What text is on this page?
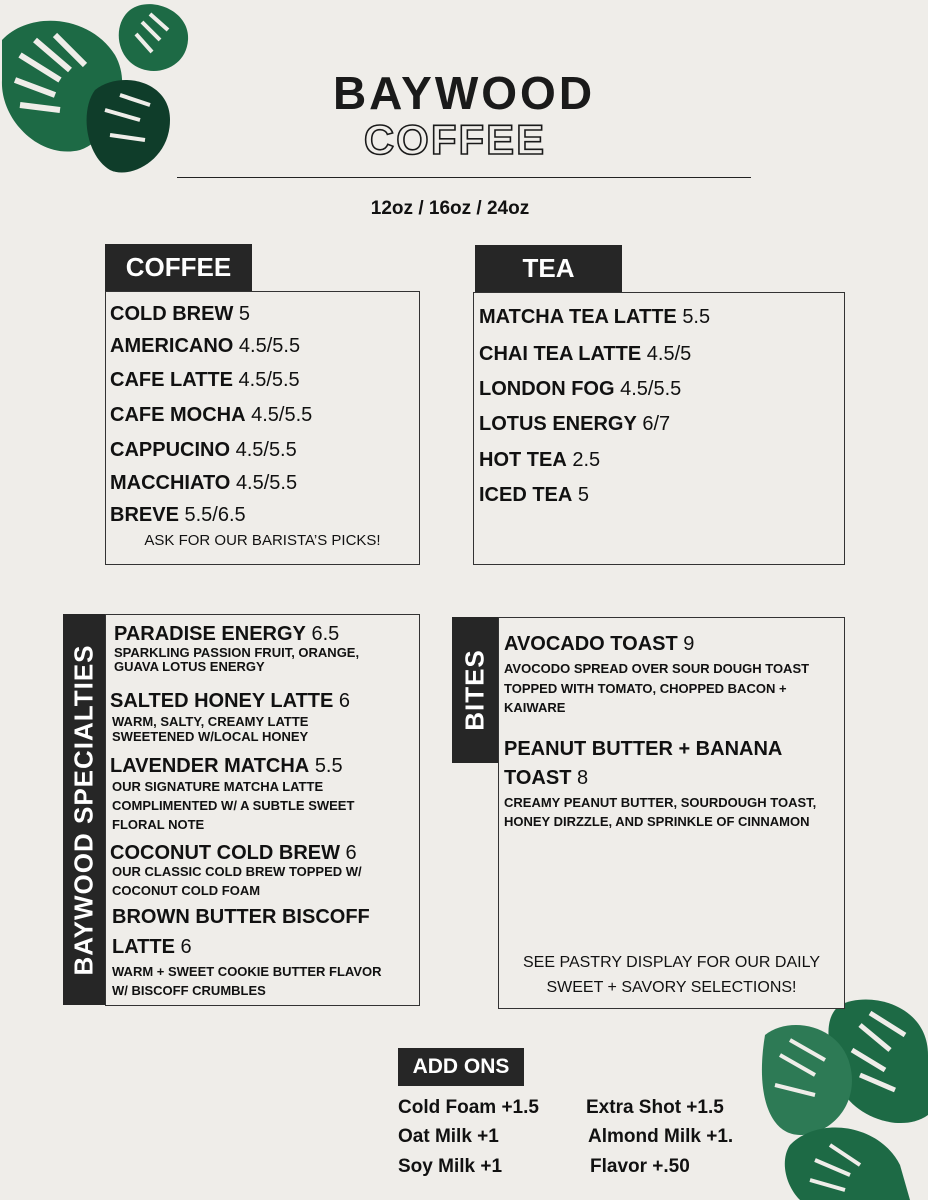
BAYWOOD
COFFEE
12oz / 16oz / 24oz
COFFEE
COLD BREW 5
AMERICANO 4.5/5.5
CAFE LATTE 4.5/5.5
CAFE MOCHA 4.5/5.5
CAPPUCINO 4.5/5.5
MACCHIATO 4.5/5.5
BREVE 5.5/6.5
ASK FOR OUR BARISTA’S PICKS!
TEA
MATCHA TEA LATTE 5.5
CHAI TEA LATTE 4.5/5
LONDON FOG 4.5/5.5
LOTUS ENERGY 6/7
HOT TEA 2.5
ICED TEA 5
BAYWOOD SPECIALTIES
PARADISE ENERGY 6.5
SPARKLING PASSION FRUIT, ORANGE,
GUAVA LOTUS ENERGY
SALTED HONEY LATTE 6
WARM, SALTY, CREAMY LATTE
SWEETENED W/LOCAL HONEY
LAVENDER MATCHA 5.5
OUR SIGNATURE MATCHA LATTE
COMPLIMENTED W/ A SUBTLE SWEET
FLORAL NOTE
COCONUT COLD BREW 6
OUR CLASSIC COLD BREW TOPPED W/
COCONUT COLD FOAM
BROWN BUTTER BISCOFF
LATTE 6
WARM + SWEET COOKIE BUTTER FLAVOR
W/ BISCOFF CRUMBLES
BITES
AVOCADO TOAST 9
AVOCODO SPREAD OVER SOUR DOUGH TOAST
TOPPED WITH TOMATO, CHOPPED BACON +
KAIWARE
PEANUT BUTTER + BANANA
TOAST 8
CREAMY PEANUT BUTTER, SOURDOUGH TOAST,
HONEY DIRZZLE, AND SPRINKLE OF CINNAMON
SEE PASTRY DISPLAY FOR OUR DAILY
SWEET + SAVORY SELECTIONS!
ADD ONS
Cold Foam +1.5
Oat Milk +1
Soy Milk +1
Extra Shot +1.5
Almond Milk +1.
Flavor +.50
